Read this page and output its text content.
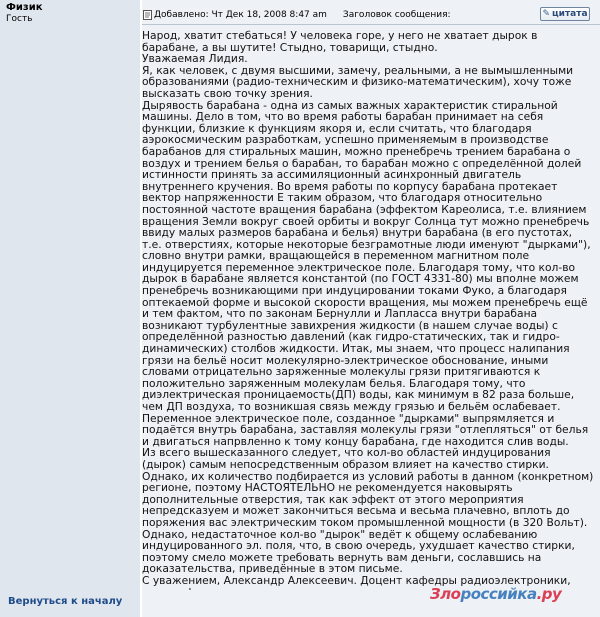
Физик
Гость	Добавлено: Чт Дек 18, 2008 8:47 am Заголовок сообщения:	✎ цитата

Народ, хватит стебаться! У человека горе, у него не хватает дырок в барабане, а вы шутите! Стыдно, товарищи, стыдно.

Уважаемая Лидия.

Я, как человек, с двумя высшими, замечу, реальными, а не вымышленными образованиями (радио-техническим и физико-математическим), хочу тоже высказать свою точку зрения.

Дырявость барабана - одна из самых важных характеристик стиральной машины. Дело в том, что во время работы барабан принимает на себя функции, близкие к функциям якоря и, если считать, что благодаря аэрокосмическим разработкам, успешно применяемым в производстве барабанов для стиральных машин, можно пренебречь трением барабана о воздух и трением белья о барабан, то барабан можно с определённой долей истинности принять за ассимиляционный асинхронный двигатель внутреннего кручения. Во время работы по корпусу барабана протекает вектор напряженности Е таким образом, что благодаря относительно постоянной частоте вращения барабана (эффектом Кареолиса, т.е. влиянием вращения Земли вокруг своей орбиты и вокруг Солнца тут можно пренебречь ввиду малых размеров барабана и белья) внутри барабана (в его пустотах, т.е. отверстиях, которые некоторые безграмотные люди именуют "дырками"), словно внутри рамки, вращающейся в переменном магнитном поле индуцируется переменное электрическое поле. Благодаря тому, что кол-во дырок в барабане является константой (по ГОСТ 4331-80) мы вполне можем пренебречь возникающими при индуцировании токами Фуко, а благодаря оптекаемой форме и высокой скорости вращения, мы можем пренебречь ещё и тем фактом, что по законам Бернулли и Лапласса внутри барабана возникают турбулентные завихрения жидкости (в нашем случае воды) с определённой разностью давлений (как гидро-статических, так и гидро-динамических) столбов жидкости. Итак, мы знаем, что процесс налипания грязи на бельё носит молекулярно-электрическое обоснование, иными словами отрицательно заряженные молекулы грязи притягиваются к положительно заряженным молекулам белья. Благодаря тому, что диэлектрическая проницаемость(ДП) воды, как минимум в 82 раза больше, чем ДП воздуха, то возникшая связь между грязью и бельём ослабевает. Переменное электрическое поле, созданное "дырками" выпрямляется и подаётся внутрь барабана, заставляя молекулы грязи "отлепляться" от белья и двигаться напрвленно к тому концу барабана, где находится слив воды.

Из всего вышесказанного следует, что кол-во областей индуцирования (дырок) самым непосредственным образом влияет на качество стирки. Однако, их количество подбирается из условий работы в данном (конкретном) регионе, поэтому НАСТОЯТЕЛЬНО не рекомендуется наковырять дополнительные отверстия, так как эффект от этого мероприятия непредсказуем и может закончиться весьма и весьма плачевно, вплоть до поряжения вас электрическим током промышленной мощности (в 320 Вольт). Однако, недастаточное кол-во "дырок" ведёт к общему ослабеванию индуцированного эл. поля, что, в свою очередь, ухудшает качество стирки, поэтому смело можете требовать вернуть вам деньги, сославшись на доказательства, приведённые в этом письме.

С уважением, Александр Алексеевич. Доцент кафедры радиоэлектроники,

Вернуться к началу	Злороссийка.ру
